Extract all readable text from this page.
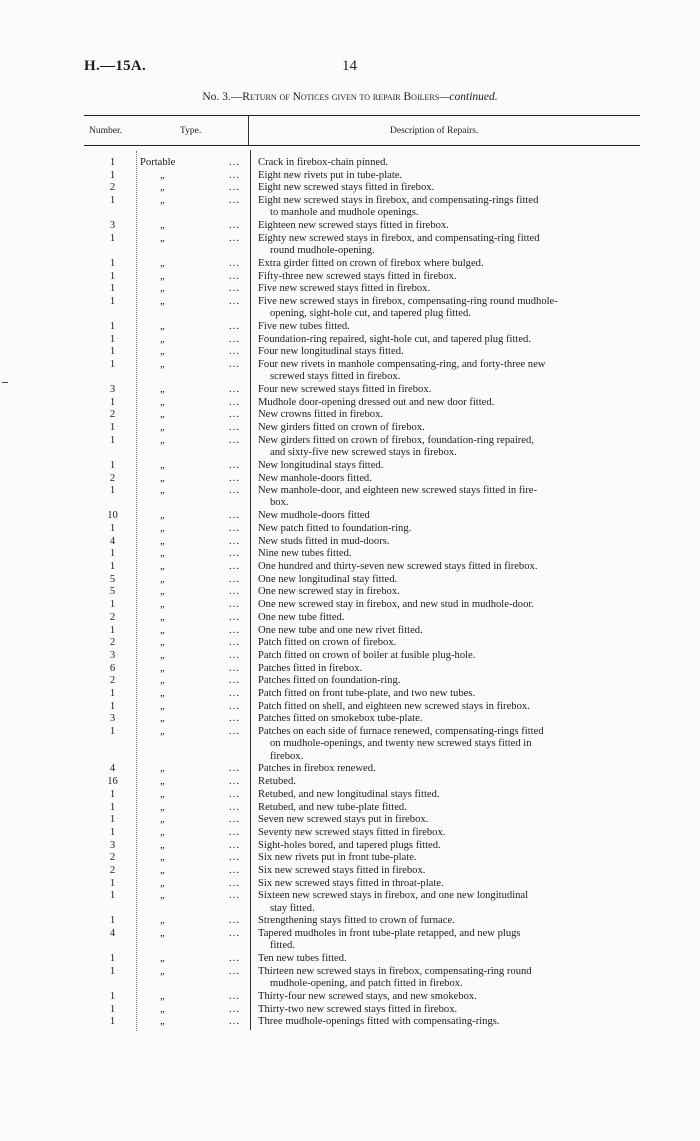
H.—15A.	14
No. 3.—Return of Notices given to repair Boilers—continued.
Number.	Type.	Description of Repairs.
1	Portable	... Crack in firebox-chain pinned.
1	„	... Eight new rivets put in tube-plate.
2	„	... Eight new screwed stays fitted in firebox.
1	„	... Eight new screwed stays in firebox, and compensating-rings fitted
to manhole and mudhole openings.
3	„	... Eighteen new screwed stays fitted in firebox.
1	„	... Eighty new screwed stays in firebox, and compensating-ring fitted
round mudhole-opening.
1	„	... Extra girder fitted on crown of firebox where bulged.
1	„	... Fifty-three new screwed stays fitted in firebox.
1	„	... Five new screwed stays fitted in firebox.
1	„	... Five new screwed stays in firebox, compensating-ring round mudhole-
opening, sight-hole cut, and tapered plug fitted.
1	„	... Five new tubes fitted.
1	„	... Foundation-ring repaired, sight-hole cut, and tapered plug fitted.
1	„	... Four new longitudinal stays fitted.
1	„	... Four new rivets in manhole compensating-ring, and forty-three new
screwed stays fitted in firebox.
3	„	... Four new screwed stays fitted in firebox.
1	„	... Mudhole door-opening dressed out and new door fitted.
2	„	... New crowns fitted in firebox.
1	„	... New girders fitted on crown of firebox.
1	„	... New girders fitted on crown of firebox, foundation-ring repaired,
and sixty-five new screwed stays in firebox.
1	„	... New longitudinal stays fitted.
2	„	... New manhole-doors fitted.
1	„	... New manhole-door, and eighteen new screwed stays fitted in fire-
box.
10	„	... New mudhole-doors fitted
1	„	... New patch fitted to foundation-ring.
4	„	... New studs fitted in mud-doors.
1	„	... Nine new tubes fitted.
1	„	... One hundred and thirty-seven new screwed stays fitted in firebox.
5	„	... One new longitudinal stay fitted.
5	„	... One new screwed stay in firebox.
1	„	... One new screwed stay in firebox, and new stud in mudhole-door.
2	„	... One new tube fitted.
1	„	... One new tube and one new rivet fitted.
2	„	... Patch fitted on crown of firebox.
3	„	... Patch fitted on crown of boiler at fusible plug-hole.
6	„	... Patches fitted in firebox.
2	„	... Patches fitted on foundation-ring.
1	„	... Patch fitted on front tube-plate, and two new tubes.
1	„	... Patch fitted on shell, and eighteen new screwed stays in firebox.
3	„	... Patches fitted on smokebox tube-plate.
1	„	... Patches on each side of furnace renewed, compensating-rings fitted
on mudhole-openings, and twenty new screwed stays fitted in
firebox.
4	„	... Patches in firebox renewed.
16	„	... Retubed.
1	„	... Retubed, and new longitudinal stays fitted.
1	„	... Retubed, and new tube-plate fitted.
1	„	... Seven new screwed stays put in firebox.
1	„	... Seventy new screwed stays fitted in firebox.
3	„	... Sight-holes bored, and tapered plugs fitted.
2	„	... Six new rivets put in front tube-plate.
2	„	... Six new screwed stays fitted in firebox.
1	„	... Six new screwed stays fitted in throat-plate.
1	„	... Sixteen new screwed stays in firebox, and one new longitudinal
stay fitted.
1	„	... Strengthening stays fitted to crown of furnace.
4	„	... Tapered mudholes in front tube-plate retapped, and new plugs
fitted.
1	„	... Ten new tubes fitted.
1	„	... Thirteen new screwed stays in firebox, compensating-ring round
mudhole-opening, and patch fitted in firebox.
1	„	... Thirty-four new screwed stays, and new smokebox.
1	„	... Thirty-two new screwed stays fitted in firebox.
1	„	... Three mudhole-openings fitted with compensating-rings.
